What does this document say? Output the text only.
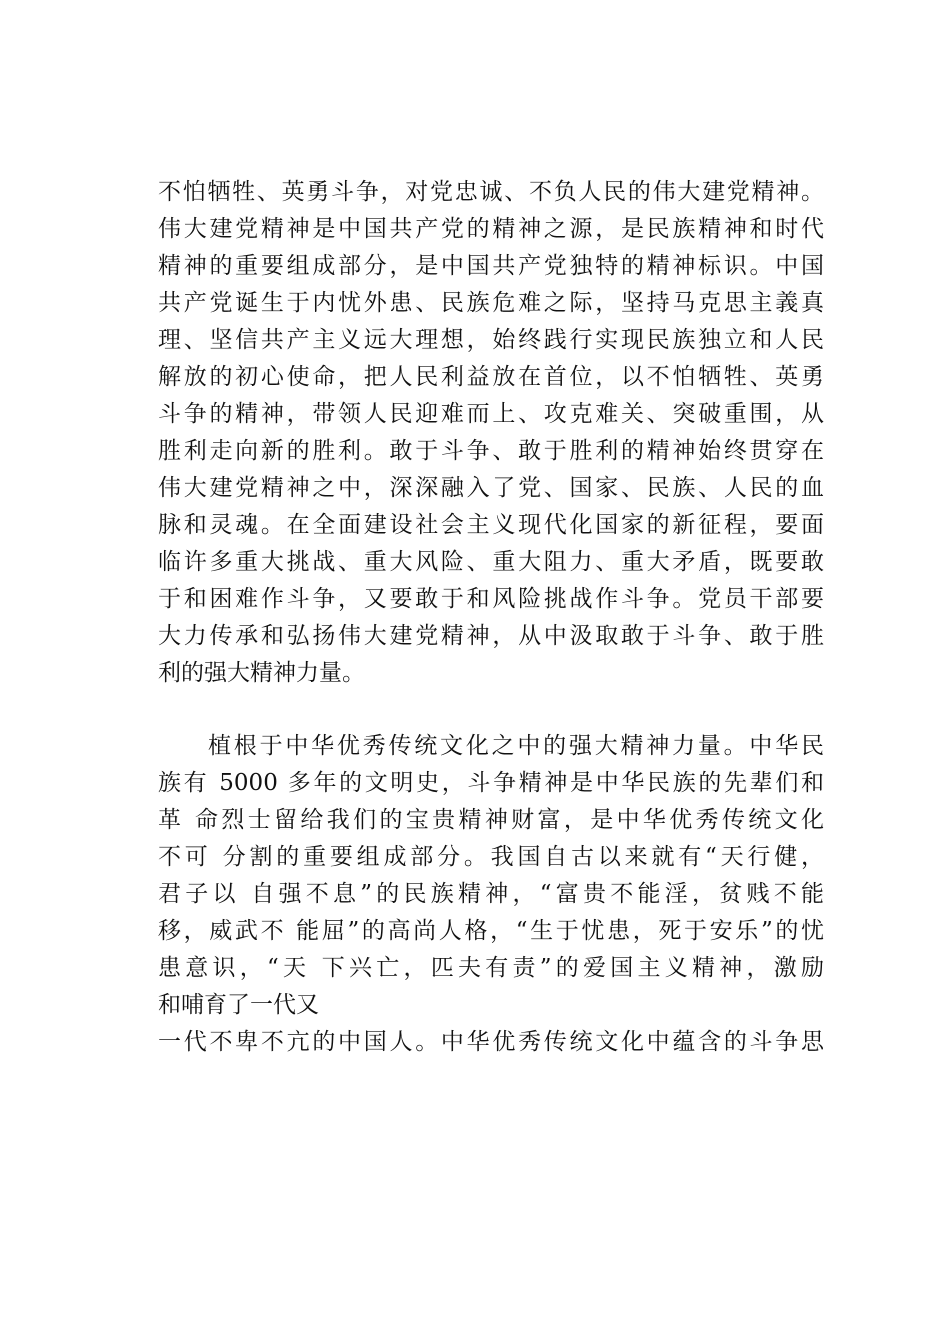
不怕牺牲、英勇斗争，对党忠诚、不负人民的伟大建党精神。
伟大建党精神是中国共产党的精神之源，是民族精神和时代
精神的重要组成部分，是中国共产党独特的精神标识。中国
共产党诞生于内忧外患、民族危难之际，坚持马克思主義真
理、坚信共产主义远大理想，始终践行实现民族独立和人民
解放的初心使命，把人民利益放在首位，以不怕牺牲、英勇
斗争的精神，带领人民迎难而上、攻克难关、突破重围，从
胜利走向新的胜利。敢于斗争、敢于胜利的精神始终贯穿在
伟大建党精神之中，深深融入了党、国家、民族、人民的血
脉和灵魂。在全面建设社会主义现代化国家的新征程，要面
临许多重大挑战、重大风险、重大阻力、重大矛盾，既要敢
于和困难作斗争，又要敢于和风险挑战作斗争。党员干部要
大力传承和弘扬伟大建党精神，从中汲取敢于斗争、敢于胜
利的强大精神力量。
植根于中华优秀传统文化之中的强大精神力量。中华民
族有 5000 多年的文明史，斗争精神是中华民族的先辈们和
革 命烈士留给我们的宝贵精神财富，是中华优秀传统文化
不可 分割的重要组成部分。我国自古以来就有“天行健，
君子以 自强不息”的民族精神，“富贵不能淫，贫贱不能
移，威武不 能屈”的高尚人格，“生于忧患，死于安乐”的忧
患意识，“天 下兴亡，匹夫有责”的爱国主义精神，激励
和哺育了一代又
一代不卑不亢的中国人。中华优秀传统文化中蕴含的斗争思
